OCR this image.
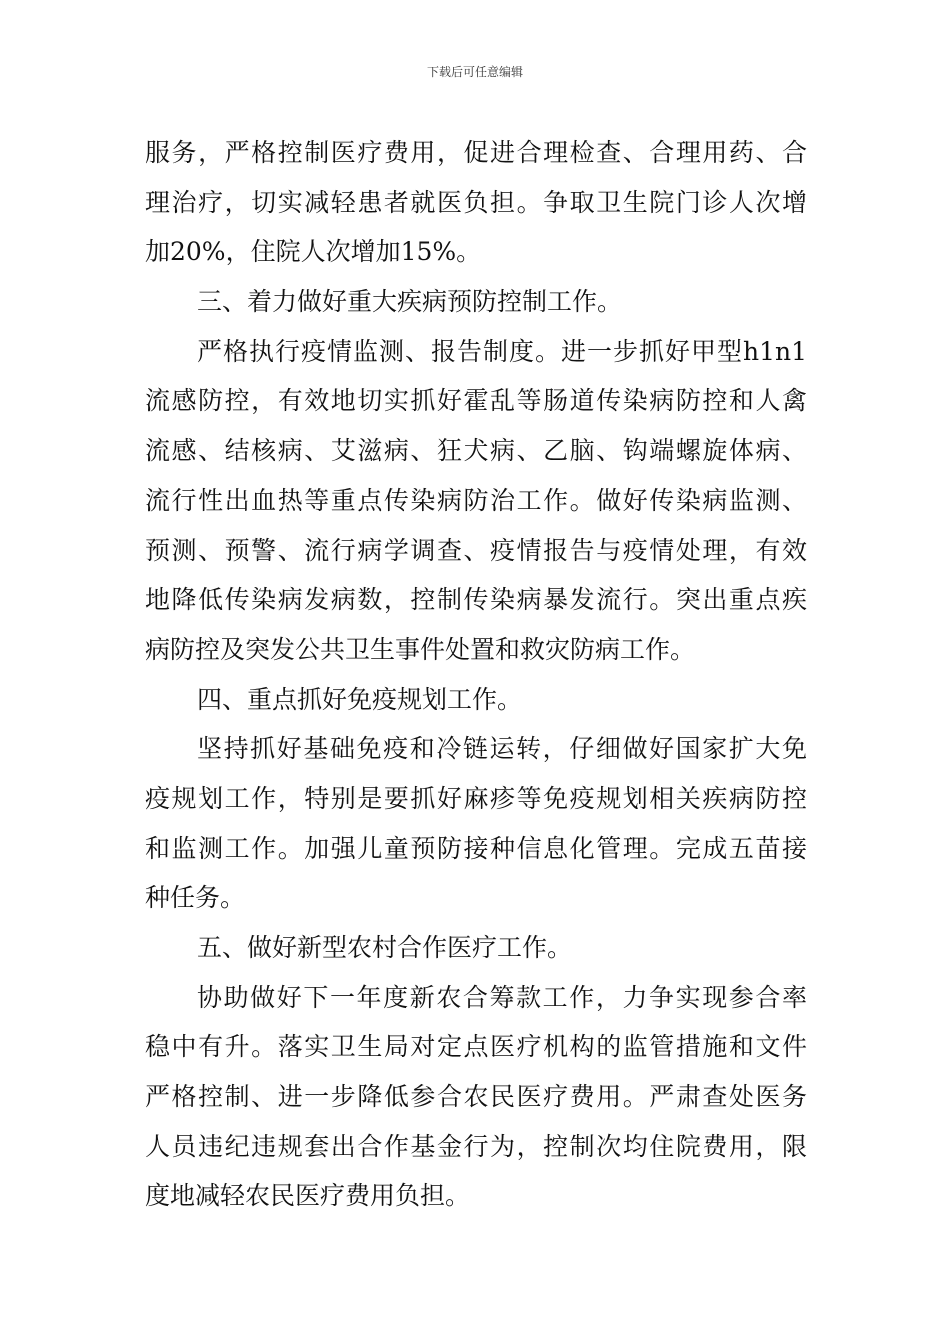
下载后可任意编辑
服务，严格控制医疗费用，促进合理检查、合理用药、合
理治疗，切实减轻患者就医负担。争取卫生院门诊人次增
加20%，住院人次增加15%。
三、着力做好重大疾病预防控制工作。
严格执行疫情监测、报告制度。进一步抓好甲型h1n1
流感防控，有效地切实抓好霍乱等肠道传染病防控和人禽
流感、结核病、艾滋病、狂犬病、乙脑、钩端螺旋体病、
流行性出血热等重点传染病防治工作。做好传染病监测、
预测、预警、流行病学调查、疫情报告与疫情处理，有效
地降低传染病发病数，控制传染病暴发流行。突出重点疾
病防控及突发公共卫生事件处置和救灾防病工作。
四、重点抓好免疫规划工作。
坚持抓好基础免疫和冷链运转，仔细做好国家扩大免
疫规划工作，特别是要抓好麻疹等免疫规划相关疾病防控
和监测工作。加强儿童预防接种信息化管理。完成五苗接
种任务。
五、做好新型农村合作医疗工作。
协助做好下一年度新农合筹款工作，力争实现参合率
稳中有升。落实卫生局对定点医疗机构的监管措施和文件
严格控制、进一步降低参合农民医疗费用。严肃查处医务
人员违纪违规套出合作基金行为，控制次均住院费用，限
度地减轻农民医疗费用负担。
